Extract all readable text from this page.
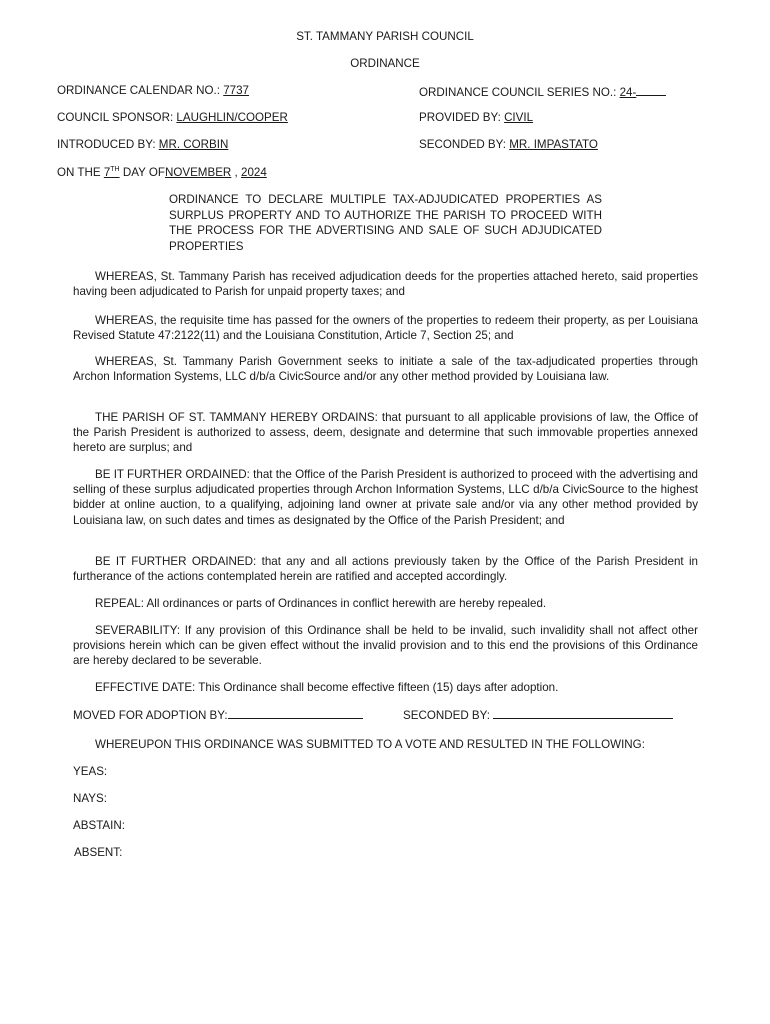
ST. TAMMANY PARISH COUNCIL
ORDINANCE
ORDINANCE CALENDAR NO.: 7737	ORDINANCE COUNCIL SERIES NO.: 24-
COUNCIL SPONSOR: LAUGHLIN/COOPER	PROVIDED BY: CIVIL
INTRODUCED BY: MR. CORBIN	SECONDED BY: MR. IMPASTATO
ON THE 7TH DAY OFNOVEMBER , 2024
ORDINANCE TO DECLARE MULTIPLE TAX-ADJUDICATED PROPERTIES AS SURPLUS PROPERTY AND TO AUTHORIZE THE PARISH TO PROCEED WITH THE PROCESS FOR THE ADVERTISING AND SALE OF SUCH ADJUDICATED PROPERTIES
WHEREAS, St. Tammany Parish has received adjudication deeds for the properties attached hereto, said properties having been adjudicated to Parish for unpaid property taxes; and
WHEREAS, the requisite time has passed for the owners of the properties to redeem their property, as per Louisiana Revised Statute 47:2122(11) and the Louisiana Constitution, Article 7, Section 25; and
WHEREAS, St. Tammany Parish Government seeks to initiate a sale of the tax-adjudicated properties through Archon Information Systems, LLC d/b/a CivicSource and/or any other method provided by Louisiana law.
THE PARISH OF ST. TAMMANY HEREBY ORDAINS: that pursuant to all applicable provisions of law, the Office of the Parish President is authorized to assess, deem, designate and determine that such immovable properties annexed hereto are surplus; and
BE IT FURTHER ORDAINED: that the Office of the Parish President is authorized to proceed with the advertising and selling of these surplus adjudicated properties through Archon Information Systems, LLC d/b/a CivicSource to the highest bidder at online auction, to a qualifying, adjoining land owner at private sale and/or via any other method provided by Louisiana law, on such dates and times as designated by the Office of the Parish President; and
BE IT FURTHER ORDAINED: that any and all actions previously taken by the Office of the Parish President in furtherance of the actions contemplated herein are ratified and accepted accordingly.
REPEAL: All ordinances or parts of Ordinances in conflict herewith are hereby repealed.
SEVERABILITY: If any provision of this Ordinance shall be held to be invalid, such invalidity shall not affect other provisions herein which can be given effect without the invalid provision and to this end the provisions of this Ordinance are hereby declared to be severable.
EFFECTIVE DATE: This Ordinance shall become effective fifteen (15) days after adoption.
MOVED FOR ADOPTION BY:	SECONDED BY:
WHEREUPON THIS ORDINANCE WAS SUBMITTED TO A VOTE AND RESULTED IN THE FOLLOWING:
YEAS:
NAYS:
ABSTAIN:
ABSENT:
